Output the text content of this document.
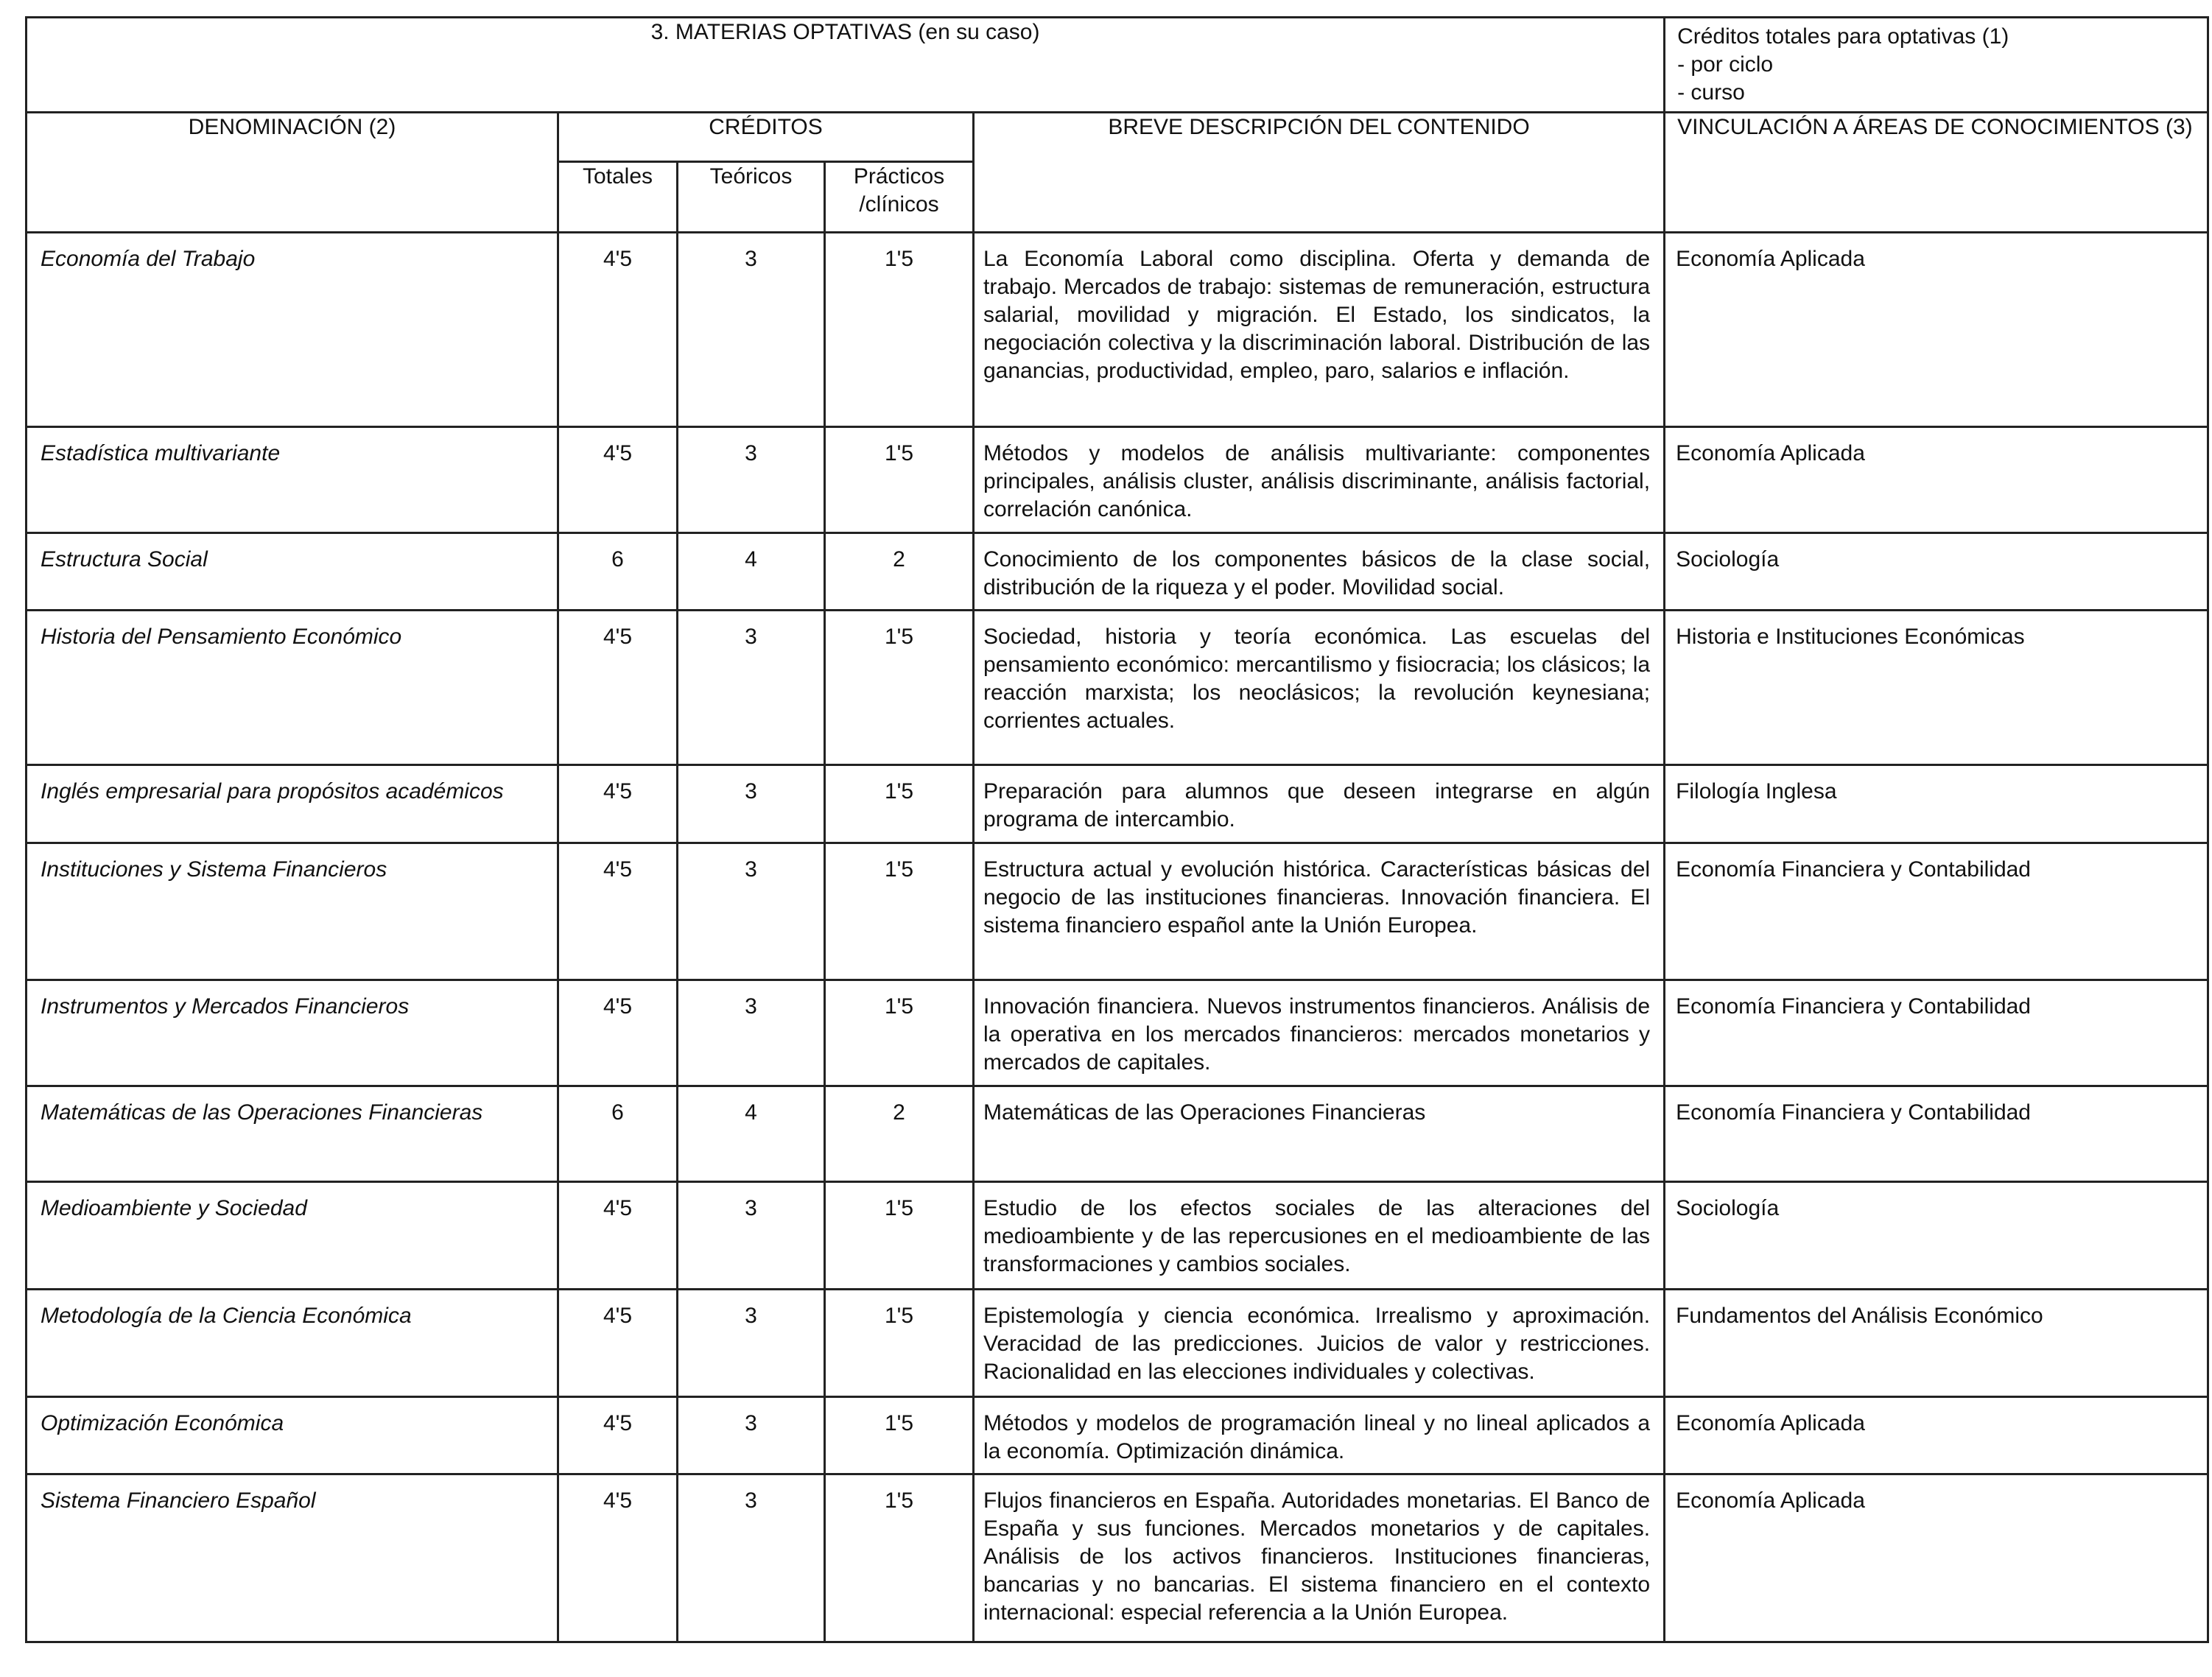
3. MATERIAS OPTATIVAS (en su caso)					Créditos totales para optativas (1)
- por ciclo
- curso

DENOMINACIÓN (2)	CRÉDITOS			BREVE DESCRIPCIÓN DEL CONTENIDO	VINCULACIÓN A ÁREAS DE CONOCIMIENTOS (3)
	Totales	Teóricos	Prácticos /clínicos		
Economía del Trabajo	4'5	3	1'5	La Economía Laboral como disciplina. Oferta y demanda de trabajo. Mercados de trabajo: sistemas de remuneración, estructura salarial, movilidad y migración. El Estado, los sindicatos, la negociación colectiva y la discriminación laboral. Distribución de las ganancias, productividad, empleo, paro, salarios e inflación.	Economía Aplicada
Estadística multivariante	4'5	3	1'5	Métodos y modelos de análisis multivariante: componentes principales, análisis cluster, análisis discriminante, análisis factorial, correlación canónica.	Economía Aplicada
Estructura Social	6	4	2	Conocimiento de los componentes básicos de la clase social, distribución de la riqueza y el poder. Movilidad social.	Sociología
Historia del Pensamiento Económico	4'5	3	1'5	Sociedad, historia y teoría económica. Las escuelas del pensamiento económico: mercantilismo y fisiocracia; los clásicos; la reacción marxista; los neoclásicos; la revolución keynesiana; corrientes actuales.	Historia e Instituciones Económicas
Inglés empresarial para propósitos académicos	4'5	3	1'5	Preparación para alumnos que deseen integrarse en algún programa de intercambio.	Filología Inglesa
Instituciones y Sistema Financieros	4'5	3	1'5	Estructura actual y evolución histórica. Características básicas del negocio de las instituciones financieras. Innovación financiera. El sistema financiero español ante la Unión Europea.	Economía Financiera y Contabilidad
Instrumentos y Mercados Financieros	4'5	3	1'5	Innovación financiera. Nuevos instrumentos financieros. Análisis de la operativa en los mercados financieros: mercados monetarios y mercados de capitales.	Economía Financiera y Contabilidad
Matemáticas de las Operaciones Financieras	6	4	2	Matemáticas de las Operaciones Financieras	Economía Financiera y Contabilidad
Medioambiente y Sociedad	4'5	3	1'5	Estudio de los efectos sociales de las alteraciones del medioambiente y de las repercusiones en el medioambiente de las transformaciones y cambios sociales.	Sociología
Metodología de la Ciencia Económica	4'5	3	1'5	Epistemología y ciencia económica. Irrealismo y aproximación. Veracidad de las predicciones. Juicios de valor y restricciones. Racionalidad en las elecciones individuales y colectivas.	Fundamentos del Análisis Económico
Optimización Económica	4'5	3	1'5	Métodos y modelos de programación lineal y no lineal aplicados a la economía. Optimización dinámica.	Economía Aplicada
Sistema Financiero Español	4'5	3	1'5	Flujos financieros en España. Autoridades monetarias. El Banco de España y sus funciones. Mercados monetarios y de capitales. Análisis de los activos financieros. Instituciones financieras, bancarias y no bancarias. El sistema financiero en el contexto internacional: especial referencia a la Unión Europea.	Economía Aplicada
